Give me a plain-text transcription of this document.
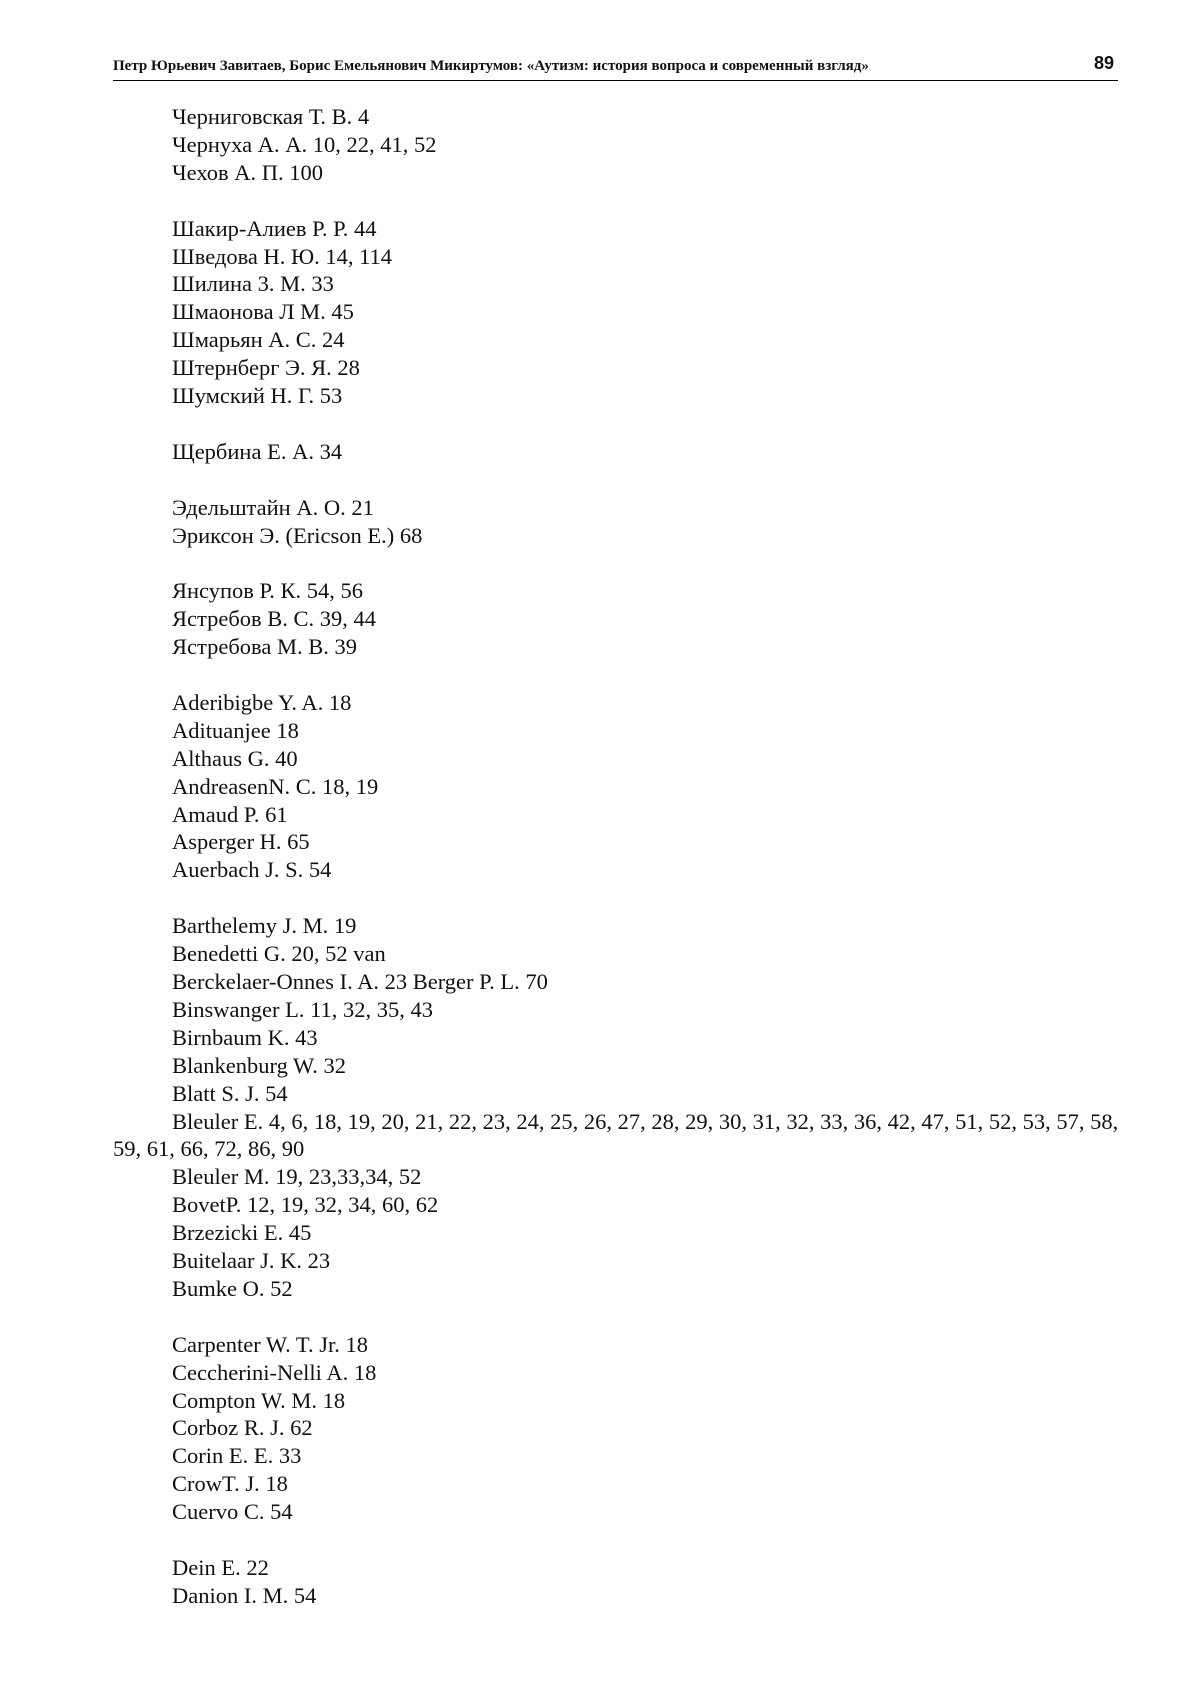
Петр Юрьевич Завитаев, Борис Емельянович Микиртумов: «Аутизм: история вопроса и современный взгляд»	89
Черниговская Т. В. 4
Чернуха А. А. 10, 22, 41, 52
Чехов А. П. 100
Шакир-Алиев Р. Р. 44
Шведова Н. Ю. 14, 114
Шилина 3. М. 33
Шмаонова Л М. 45
Шмарьян А. С. 24
Штернберг Э. Я. 28
Шумский Н. Г. 53
Щербина Е. А. 34
Эдельштайн А. О. 21
Эриксон Э. (Ericson E.) 68
Янсупов Р. К. 54, 56
Ястребов В. С. 39, 44
Ястребова М. В. 39
Aderibigbe Y. A. 18
Adituanjee 18
Althaus G. 40
AndreasenN. C. 18, 19
Amaud P. 61
Asperger H. 65
Auerbach J. S. 54
Barthelemy J. M. 19
Benedetti G. 20, 52 van
Berckelaer-Onnes I. A. 23 Berger P. L. 70
Binswanger L. 11, 32, 35, 43
Birnbaum K. 43
Blankenburg W. 32
Blatt S. J. 54
Bleuler E. 4, 6, 18, 19, 20, 21, 22, 23, 24, 25, 26, 27, 28, 29, 30, 31, 32, 33, 36, 42, 47, 51, 52, 53, 57, 58, 59, 61, 66, 72, 86, 90
Bleuler M. 19, 23,33,34, 52
BovetP. 12, 19, 32, 34, 60, 62
Brzezicki E. 45
Buitelaar J. K. 23
Bumke O. 52
Carpenter W. T. Jr. 18
Ceccherini-Nelli A. 18
Compton W. M. 18
Corboz R. J. 62
Corin E. E. 33
CrowT. J. 18
Cuervo C. 54
Dein E. 22
Danion I. M. 54
